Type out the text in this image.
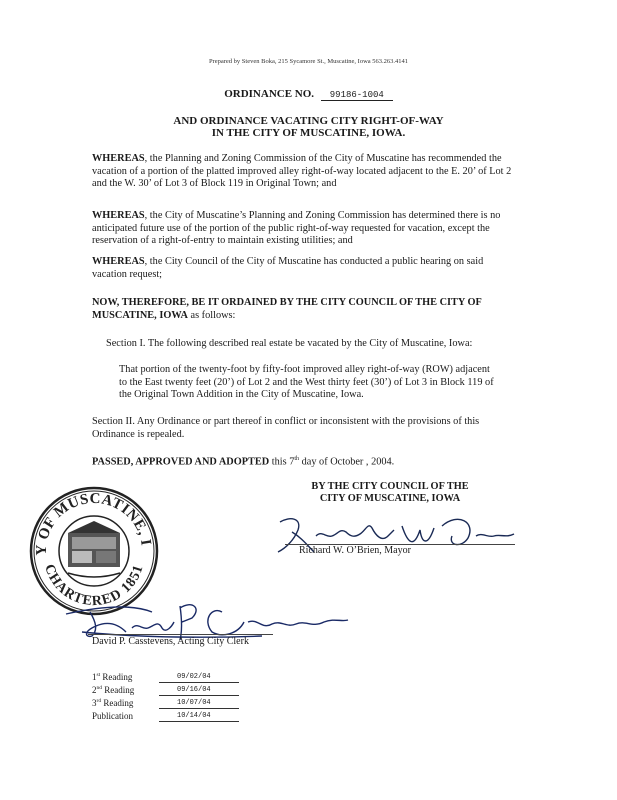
Prepared by Steven Boka, 215 Sycamore St., Muscatine, Iowa 563.263.4141
ORDINANCE NO. 99186-1004
AND ORDINANCE VACATING CITY RIGHT-OF-WAY
IN THE CITY OF MUSCATINE, IOWA.
WHEREAS, the Planning and Zoning Commission of the City of Muscatine has recommended the vacation of a portion of the platted improved alley right-of-way located adjacent to the E. 20’ of Lot 2 and the W. 30’ of Lot 3 of Block 119 in Original Town; and
WHEREAS, the City of Muscatine’s Planning and Zoning Commission has determined there is no anticipated future use of the portion of the public right-of-way requested for vacation, except the reservation of a right-of-entry to maintain existing utilities; and
WHEREAS, the City Council of the City of Muscatine has conducted a public hearing on said vacation request;
NOW, THEREFORE, BE IT ORDAINED BY THE CITY COUNCIL OF THE CITY OF MUSCATINE, IOWA as follows:
Section I. The following described real estate be vacated by the City of Muscatine, Iowa:
That portion of the twenty-foot by fifty-foot improved alley right-of-way (ROW) adjacent to the East twenty feet (20’) of Lot 2 and the West thirty feet (30’) of Lot 3 in Block 119 of the Original Town Addition in the City of Muscatine, Iowa.
Section II. Any Ordinance or part thereof in conflict or inconsistent with the provisions of this Ordinance is repealed.
PASSED, APPROVED AND ADOPTED this 7th day of October , 2004.
BY THE CITY COUNCIL OF THE
CITY OF MUSCATINE, IOWA
Y OF MUSCATINE, I
CHARTERED 1851
Richard W. O’Brien, Mayor
David P. Casstevens, Acting City Clerk
1st Reading	09/02/04
2nd Reading	09/16/04
3rd Reading	10/07/04
Publication	10/14/04
